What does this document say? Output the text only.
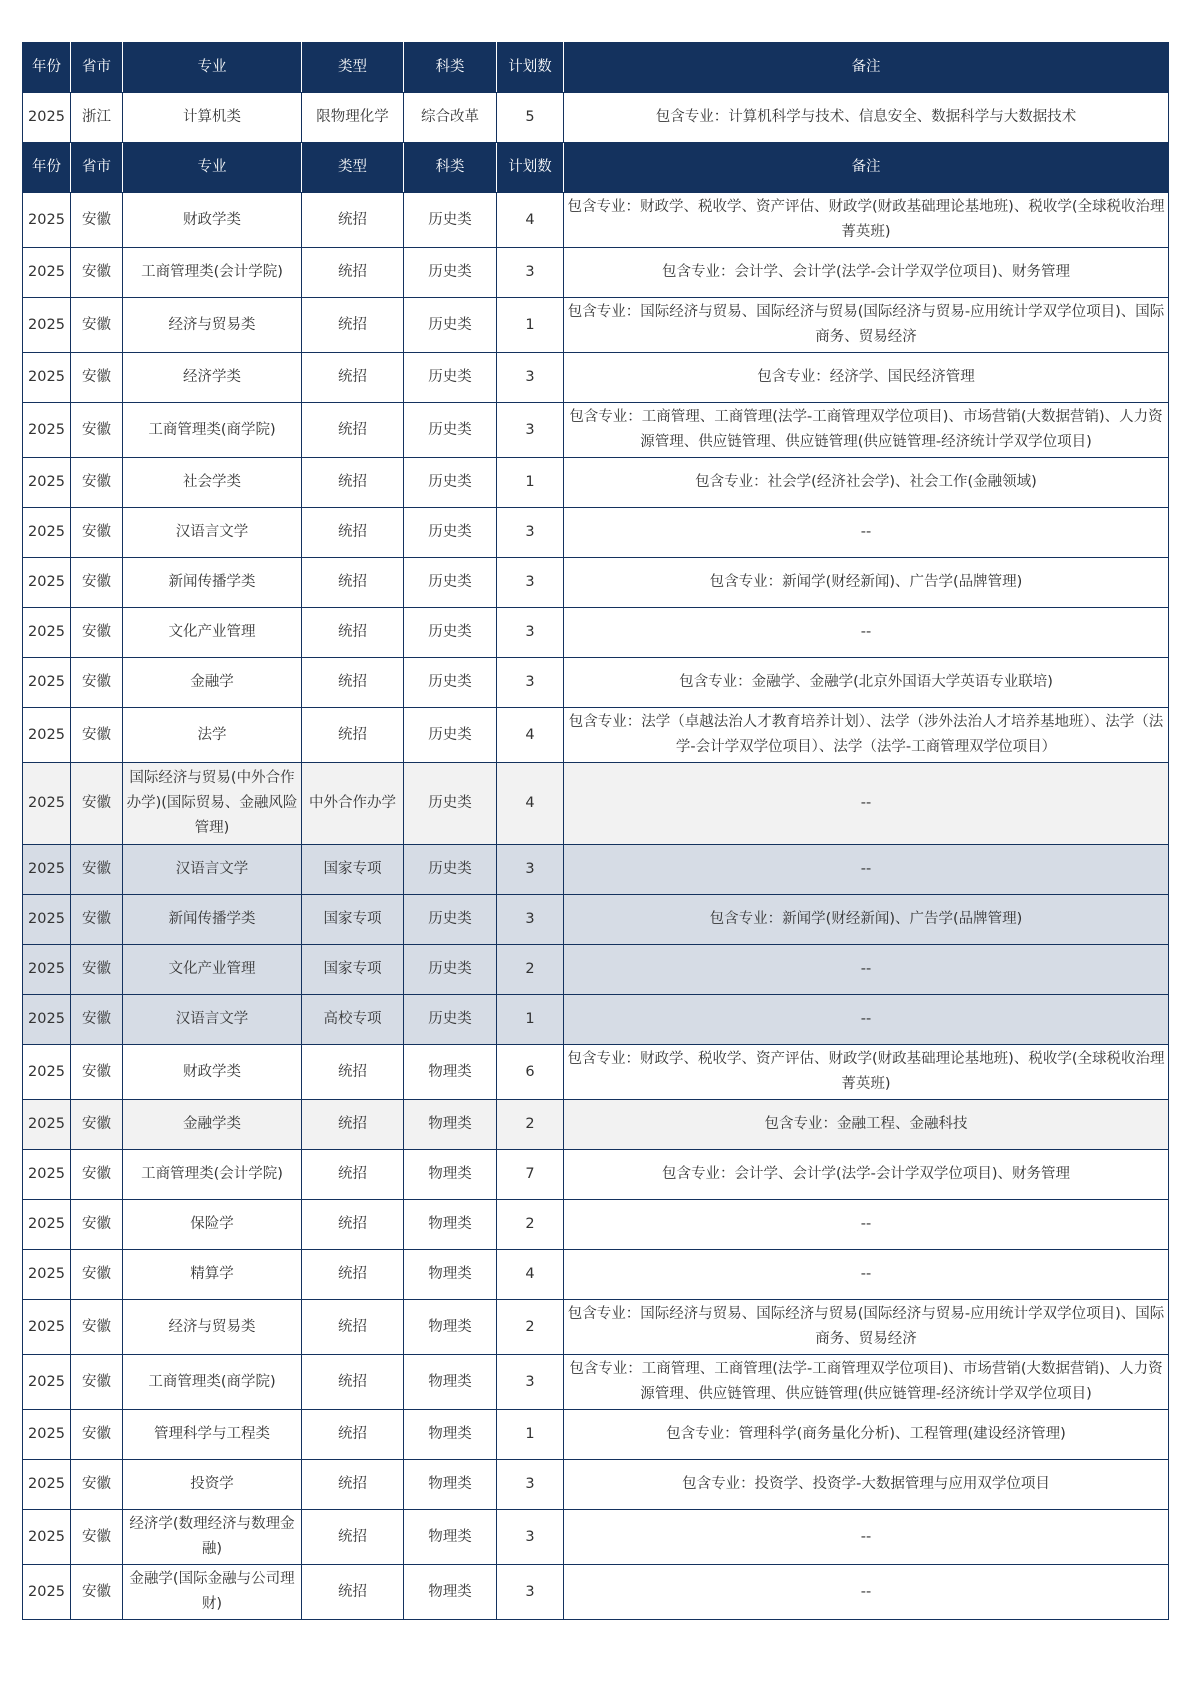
年份	省市	专业	类型	科类	计划数	备注
2025	浙江	计算机类	限物理化学	综合改革	5	包含专业：计算机科学与技术、信息安全、数据科学与大数据技术
年份	省市	专业	类型	科类	计划数	备注
2025	安徽	财政学类	统招	历史类	4	包含专业：财政学、税收学、资产评估、财政学(财政基础理论基地班)、税收学(全球税收治理菁英班)
2025	安徽	工商管理类(会计学院)	统招	历史类	3	包含专业：会计学、会计学(法学-会计学双学位项目)、财务管理
2025	安徽	经济与贸易类	统招	历史类	1	包含专业：国际经济与贸易、国际经济与贸易(国际经济与贸易-应用统计学双学位项目)、国际商务、贸易经济
2025	安徽	经济学类	统招	历史类	3	包含专业：经济学、国民经济管理
2025	安徽	工商管理类(商学院)	统招	历史类	3	包含专业：工商管理、工商管理(法学-工商管理双学位项目)、市场营销(大数据营销)、人力资源管理、供应链管理、供应链管理(供应链管理-经济统计学双学位项目)
2025	安徽	社会学类	统招	历史类	1	包含专业：社会学(经济社会学)、社会工作(金融领域)
2025	安徽	汉语言文学	统招	历史类	3	--
2025	安徽	新闻传播学类	统招	历史类	3	包含专业：新闻学(财经新闻)、广告学(品牌管理)
2025	安徽	文化产业管理	统招	历史类	3	--
2025	安徽	金融学	统招	历史类	3	包含专业：金融学、金融学(北京外国语大学英语专业联培)
2025	安徽	法学	统招	历史类	4	包含专业：法学（卓越法治人才教育培养计划）、法学（涉外法治人才培养基地班）、法学（法学-会计学双学位项目）、法学（法学-工商管理双学位项目）
2025	安徽	国际经济与贸易(中外合作办学)(国际贸易、金融风险管理)	中外合作办学	历史类	4	--
2025	安徽	汉语言文学	国家专项	历史类	3	--
2025	安徽	新闻传播学类	国家专项	历史类	3	包含专业：新闻学(财经新闻)、广告学(品牌管理)
2025	安徽	文化产业管理	国家专项	历史类	2	--
2025	安徽	汉语言文学	高校专项	历史类	1	--
2025	安徽	财政学类	统招	物理类	6	包含专业：财政学、税收学、资产评估、财政学(财政基础理论基地班)、税收学(全球税收治理菁英班)
2025	安徽	金融学类	统招	物理类	2	包含专业：金融工程、金融科技
2025	安徽	工商管理类(会计学院)	统招	物理类	7	包含专业：会计学、会计学(法学-会计学双学位项目)、财务管理
2025	安徽	保险学	统招	物理类	2	--
2025	安徽	精算学	统招	物理类	4	--
2025	安徽	经济与贸易类	统招	物理类	2	包含专业：国际经济与贸易、国际经济与贸易(国际经济与贸易-应用统计学双学位项目)、国际商务、贸易经济
2025	安徽	工商管理类(商学院)	统招	物理类	3	包含专业：工商管理、工商管理(法学-工商管理双学位项目)、市场营销(大数据营销)、人力资源管理、供应链管理、供应链管理(供应链管理-经济统计学双学位项目)
2025	安徽	管理科学与工程类	统招	物理类	1	包含专业：管理科学(商务量化分析)、工程管理(建设经济管理)
2025	安徽	投资学	统招	物理类	3	包含专业：投资学、投资学-大数据管理与应用双学位项目
2025	安徽	经济学(数理经济与数理金融)	统招	物理类	3	--
2025	安徽	金融学(国际金融与公司理财)	统招	物理类	3	--
